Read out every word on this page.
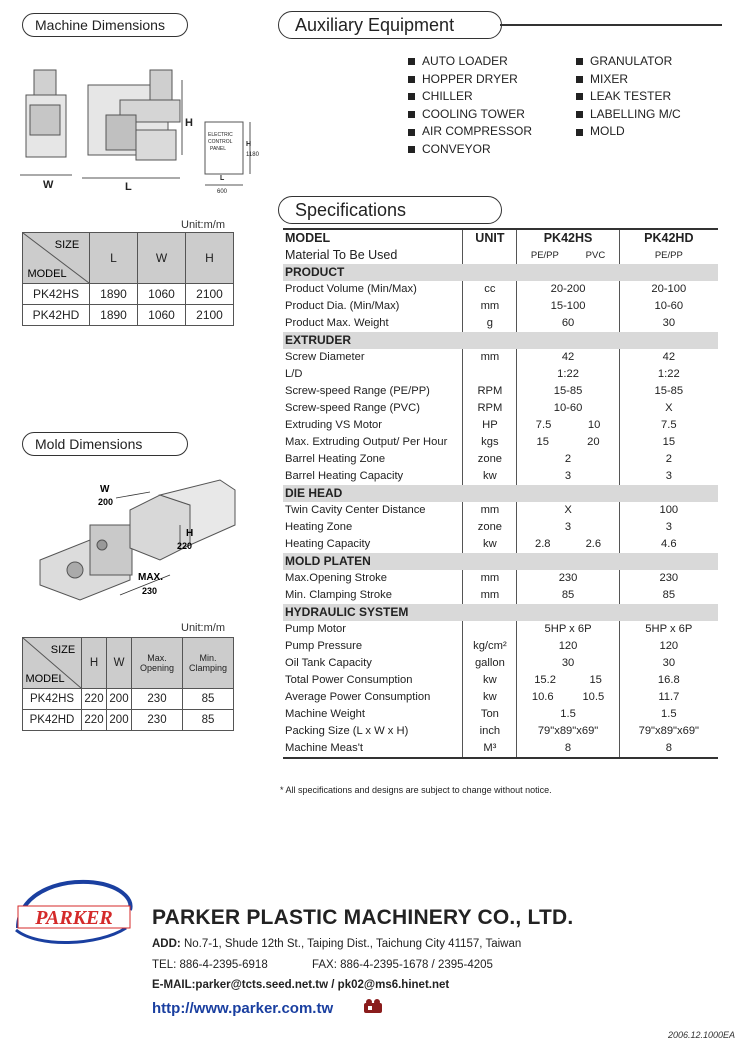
Machine Dimensions	Auxiliary Equipment
Specifications
Mold Dimensions
W	L
H
ELECTRIC
CONTROL
PANEL
H
1180
L
600
Unit:m/m
SIZE
MODEL	L	W	H
PK42HS	1890	1060	2100
PK42HD	1890	1060	2100
W
200
H
220
MAX.
230
Unit:m/m
SIZE
MODEL	H	W	Max. Opening	Min. Clamping
PK42HS	220	200	230	85
PK42HD	220	200	230	85
AUTO LOADER
HOPPER DRYER
CHILLER
COOLING TOWER
AIR COMPRESSOR
CONVEYOR
GRANULATOR
MIXER
LEAK TESTER
LABELLING M/C
MOLD
MODEL	UNIT	PK42HS	PK42HD
Material To Be Used		PE/PP PVC	PE/PP
PRODUCT			
Product Volume (Min/Max)	cc	20-200	20-100
Product Dia. (Min/Max)	mm	15-100	10-60
Product Max. Weight	g	60	30
EXTRUDER			
Screw Diameter	mm	42	42
L/D		1:22	1:22
Screw-speed Range (PE/PP)	RPM	15-85	15-85
Screw-speed Range (PVC)	RPM	10-60	X
Extruding VS Motor	HP	7.5 10	7.5
Max. Extruding Output/ Per Hour	kgs	15 20	15
Barrel Heating Zone	zone	2	2
Barrel Heating Capacity	kw	3	3
DIE HEAD			
Twin Cavity Center Distance	mm	X	100
Heating Zone	zone	3	3
Heating Capacity	kw	2.8 2.6	4.6
MOLD PLATEN			
Max.Opening Stroke	mm	230	230
Min. Clamping Stroke	mm	85	85
HYDRAULIC SYSTEM			
Pump Motor		5HP x 6P	5HP x 6P
Pump Pressure	kg/cm²	120	120
Oil Tank Capacity	gallon	30	30
Total Power Consumption	kw	15.2 15	16.8
Average Power Consumption	kw	10.6 10.5	11.7
Machine Weight	Ton	1.5	1.5
Packing Size (L x W x H)	inch	79"x89"x69"	79"x89"x69"
Machine Meas't	M³	8	8
* All specifications and designs are subject to change without notice.
PARKER PARKER PLASTIC MACHINERY CO., LTD.
ADD: No.7-1, Shude 12th St., Taiping Dist., Taichung City 41157, Taiwan
TEL: 886-4-2395-6918	FAX: 886-4-2395-1678 / 2395-4205
E-MAIL:parker@tcts.seed.net.tw / pk02@ms6.hinet.net
http://www.parker.com.tw
2006.12.1000EA
